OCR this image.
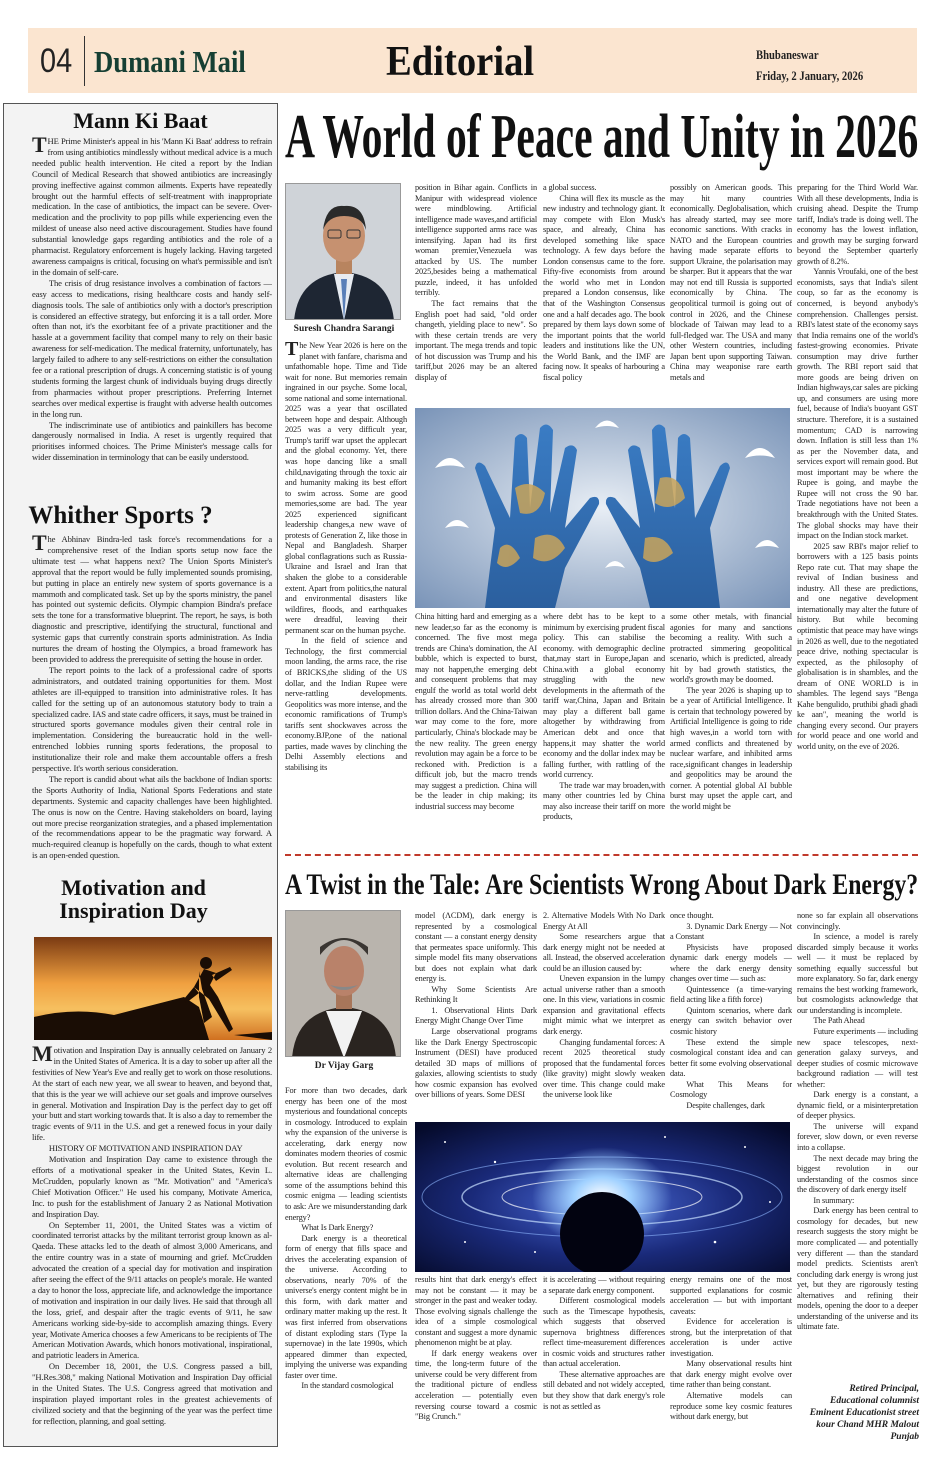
04 Dumani Mail	Editorial	Bhubaneswar
Friday, 2 January, 2026
Mann Ki Baat
THE Prime Minister's appeal in his 'Mann Ki Baat' address to refrain from using antibiotics mindlessly without medical advice is a much needed public health intervention. He cited a report by the Indian Council of Medical Research that showed antibiotics are increasingly proving ineffective against common ailments. Experts have repeatedly brought out the harmful effects of self-treatment with inappropriate medication. In the case of antibiotics, the impact can be severe. Over-medication and the proclivity to pop pills while experiencing even the mildest of unease also need active discouragement. Studies have found substantial knowledge gaps regarding antibiotics and the role of a pharmacist. Regulatory enforcement is hugely lacking. Having targeted awareness campaigns is critical, focusing on what's permissible and isn't in the domain of self-care.
  The crisis of drug resistance involves a combination of factors — easy access to medications, rising healthcare costs and handy self-diagnosis tools. The sale of antibiotics only with a doctor's prescription is considered an effective strategy, but enforcing it is a tall order. More often than not, it's the exorbitant fee of a private practitioner and the hassle at a government facility that compel many to rely on their basic awareness for self-medication. The medical fraternity, unfortunately, has largely failed to adhere to any self-restrictions on either the consultation fee or a rational prescription of drugs. A concerning statistic is of young students forming the largest chunk of individuals buying drugs directly from pharmacies without proper prescriptions. Preferring Internet searches over medical expertise is fraught with adverse health outcomes in the long run.
  The indiscriminate use of antibiotics and painkillers has become dangerously normalised in India. A reset is urgently required that prioritises informed choices. The Prime Minister's message calls for wider dissemination in terminology that can be easily understood.
Whither Sports ?
The Abhinav Bindra-led task force's recommendations for a comprehensive reset of the Indian sports setup now face the ultimate test — what happens next? The Union Sports Minister's approval that the report would be fully implemented sounds promising, but putting in place an entirely new system of sports governance is a mammoth and complicated task. Set up by the sports ministry, the panel has pointed out systemic deficits. Olympic champion Bindra's preface sets the tone for a transformative blueprint. The report, he says, is both diagnostic and prescriptive, identifying the structural, functional and systemic gaps that currently constrain sports administration. As India nurtures the dream of hosting the Olympics, a broad framework has been provided to address the prerequisite of setting the house in order.
  The report points to the lack of a professional cadre of sports administrators, and outdated training opportunities for them. Most athletes are ill-equipped to transition into administrative roles. It has called for the setting up of an autonomous statutory body to train a specialized cadre. IAS and state cadre officers, it says, must be trained in structured sports governance modules given their central role in implementation. Considering the bureaucratic hold in the well-entrenched lobbies running sports federations, the proposal to institutionalize their role and make them accountable offers a fresh perspective. It's worth serious consideration.
  The report is candid about what ails the backbone of Indian sports: the Sports Authority of India, National Sports Federations and state departments. Systemic and capacity challenges have been highlighted. The onus is now on the Centre. Having stakeholders on board, laying out more precise reorganization strategies, and a phased implementation of the recommendations appear to be the pragmatic way forward. A much-required cleanup is hopefully on the cards, though to what extent is an open-ended question.
Motivation and Inspiration Day
Motivation and Inspiration Day is annually celebrated on January 2 in the United States of America. It is a day to sober up after all the festivities of New Year's Eve and really get to work on those resolutions. At the start of each new year, we all swear to heaven, and beyond that, that this is the year we will achieve our set goals and improve ourselves in general. Motivation and Inspiration Day is the perfect day to get off your butt and start working towards that. It is also a day to remember the tragic events of 9/11 in the U.S. and get a renewed focus in your daily life.
  HISTORY OF MOTIVATION AND INSPIRATION DAY
  Motivation and Inspiration Day came to existence through the efforts of a motivational speaker in the United States, Kevin L. McCrudden, popularly known as "Mr. Motivation" and "America's Chief Motivation Officer." He used his company, Motivate America, Inc. to push for the establishment of January 2 as National Motivation and Inspiration Day.
  On September 11, 2001, the United States was a victim of coordinated terrorist attacks by the militant terrorist group known as al-Qaeda. These attacks led to the death of almost 3,000 Americans, and the entire country was in a state of mourning and grief. McCrudden advocated the creation of a special day for motivation and inspiration after seeing the effect of the 9/11 attacks on people's morale. He wanted a day to honor the loss, appreciate life, and acknowledge the importance of motivation and inspiration in our daily lives. He said that through all the loss, grief, and despair after the tragic events of 9/11, he saw Americans working side-by-side to accomplish amazing things. Every year, Motivate America chooses a few Americans to be recipients of The American Motivation Awards, which honors motivational, inspirational, and patriotic leaders in America.
  On December 18, 2001, the U.S. Congress passed a bill, "H.Res.308," making National Motivation and Inspiration Day official in the United States. The U.S. Congress agreed that motivation and inspiration played important roles in the greatest achievements of civilized society and that the beginning of the year was the perfect time for reflection, planning, and goal setting.
A World of Peace and Unity in 2026
Suresh Chandra Sarangi
The New Year 2026 is here on the planet with fanfare, charisma and unfathomable hope. Time and Tide wait for none. But memories remain ingrained in our psyche. Some local, some national and some international. 2025 was a year that oscillated between hope and despair. Although 2025 was a very difficult year, Trump's tariff war upset the applecart and the global economy. Yet, there was hope dancing like a small child,navigating through the toxic air and humanity making its best effort to swim across. Some are good memories,some are bad. The year 2025 experienced significant leadership changes,a new wave of protests of Generation Z, like those in Nepal and Bangladesh. Sharper global conflagrations such as Russia-Ukraine and Israel and Iran that shaken the globe to a considerable extent. Apart from politics,the natural and environmental disasters like wildfires, floods, and earthquakes were dreadful, leaving their permanent scar on the human psyche.
  In the field of science and Technology, the first commercial moon landing, the arms race, the rise of BRICKS,the sliding of the US dollar, and the Indian Rupee were nerve-rattling developments. Geopolitics was more intense, and the economic ramifications of Trump's tariffs sent shockwaves across the economy.BJP,one of the national parties, made waves by clinching the Delhi Assembly elections and stabilising its
position in Bihar again. Conflicts in Manipur with widespread violence were mindblowing. Artificial intelligence made waves,and artificial intelligence supported arms race was intensifying. Japan had its first woman premier,Venezuela was attacked by US. The number 2025,besides being a mathematical puzzle, indeed, it has unfolded terribly.
  The fact remains that the English poet had said, "old order changeth, yielding place to new". So with these certain trends are very important. The mega trends and topic of hot discussion was Trump and his tariff,but 2026 may be an altered display of
a global success.
  China will flex its muscle as the new industry and technology giant. It may compete with Elon Musk's space, and already, China has developed something like space technology. A few days before the London consensus came to the fore. Fifty-five economists from around the world who met in London prepared a London consensus, like that of the Washington Consensus one and a half decades ago. The book prepared by them lays down some of the important points that the world leaders and institutions like the UN, the World Bank, and the IMF are facing now. It speaks of harbouring a fiscal policy
possibly on American goods. This may hit many countries economically. Deglobalisation, which has already started, may see more economic sanctions. With cracks in NATO and the European countries having made separate efforts to support Ukraine, the polarisation may be sharper. But it appears that the war may not end till Russia is supported economically by China. The geopolitical turmoil is going out of control in 2026, and the Chinese blockade of Taiwan may lead to a full-fledged war. The USA and many other Western countries, including Japan bent upon supporting Taiwan. China may weaponise rare earth metals and
China hitting hard and emerging as a new leader,so far as the economy is concerned. The five most mega trends are China's domination, the AI bubble, which is expected to burst, may not happen,the emerging debt and consequent problems that may engulf the world as total world debt has already crossed more than 300 trillion dollars. And the China-Taiwan war may come to the fore, more particularly, China's blockade may be the new reality. The green energy revolution may again be a force to be reckoned with. Prediction is a difficult job, but the macro trends may suggest a prediction. China will be the leader in chip making; its industrial success may become
where debt has to be kept to a minimum by exercising prudent fiscal policy. This can stabilise the economy. with demographic decline that,may start in Europe,Japan and China.with a global economy struggling with the new developments in the aftermath of the tariff war,China, Japan and Britain may play a different ball game altogether by withdrawing from American debt and once that happens,it may shatter the world economy and the dollar index may be falling further, with rattling of the world currency.
  The trade war may broaden,with many other countries led by China may also increase their tariff on more products,
some other metals, with financial agonies for many and sanctions becoming a reality. With such a protracted simmering geopolitical scenario, which is predicted, already hit by bad growth statistics, the world's growth may be doomed.
  The year 2026 is shaping up to be a year of Artificial Intelligence. It is certain that technology powered by Artificial Intelligence is going to ride high waves,in a world torn with armed conflicts and threatened by nuclear warfare, and inhibited arms race,significant changes in leadership and geopolitics may be around the corner. A potential global AI bubble burst may upset the apple cart, and the world might be
preparing for the Third World War. With all these developments, India is cruising ahead. Despite the Trump tariff, India's trade is doing well. The economy has the lowest inflation, and growth may be surging forward beyond the September quarterly growth of 8.2%.
  Yannis Vroufaki, one of the best economists, says that India's silent coup, so far as the economy is concerned, is beyond anybody's comprehension. Challenges persist. RBI's latest state of the economy says that India remains one of the world's fastest-growing economies. Private consumption may drive further growth. The RBI report said that more goods are being driven on Indian highways,car sales are picking up, and consumers are using more fuel, because of India's buoyant GST structure. Therefore, it is a sustained momentum; CAD is narrowing down. Inflation is still less than 1% as per the November data, and services export will remain good. But most important may be where the Rupee is going, and maybe the Rupee will not cross the 90 bar. Trade negotiations have not been a breakthrough with the United States. The global shocks may have their impact on the Indian stock market.
  2025 saw RBI's major relief to borrowers with a 125 basis points Repo rate cut. That may shape the revival of Indian business and industry. All these are predictions, and one negative development internationally may alter the future of history. But while becoming optimistic that peace may have wings in 2026 as well, due to the negotiated peace drive, nothing spectacular is expected, as the philosophy of globalisation is in shambles, and the dream of ONE WORLD is in shambles. The legend says "Benga Kahe bengulido, pruthibi ghadi ghadi ke aan", meaning the world is changing every second. Our prayers for world peace and one world and world unity, on the eve of 2026.
A Twist in the Tale: Are Scientists Wrong About Dark Energy?
Dr Vijay Garg
For more than two decades, dark energy has been one of the most mysterious and foundational concepts in cosmology. Introduced to explain why the expansion of the universe is accelerating, dark energy now dominates modern theories of cosmic evolution. But recent research and alternative ideas are challenging some of the assumptions behind this cosmic enigma — leading scientists to ask: Are we misunderstanding dark energy?
  What Is Dark Energy?
  Dark energy is a theoretical form of energy that fills space and drives the accelerating expansion of the universe. According to observations, nearly 70% of the universe's energy content might be in this form, with dark matter and ordinary matter making up the rest. It was first inferred from observations of distant exploding stars (Type Ia supernovae) in the late 1990s, which appeared dimmer than expected, implying the universe was expanding faster over time.
  In the standard cosmological
model (ΛCDM), dark energy is represented by a cosmological constant — a constant energy density that permeates space uniformly. This simple model fits many observations but does not explain what dark energy is.
  Why Some Scientists Are Rethinking It
  1. Observational Hints Dark Energy Might Change Over Time
  Large observational programs like the Dark Energy Spectroscopic Instrument (DESI) have produced detailed 3D maps of millions of galaxies, allowing scientists to study how cosmic expansion has evolved over billions of years. Some DESI
2. Alternative Models With No Dark Energy At All
  Some researchers argue that dark energy might not be needed at all. Instead, the observed acceleration could be an illusion caused by:
  Uneven expansion in the lumpy actual universe rather than a smooth one. In this view, variations in cosmic expansion and gravitational effects might mimic what we interpret as dark energy.
  Changing fundamental forces: A recent 2025 theoretical study proposed that the fundamental forces (like gravity) might slowly weaken over time. This change could make the universe look like
once thought.
  3. Dynamic Dark Energy — Not a Constant
  Physicists have proposed dynamic dark energy models — where the dark energy density changes over time — such as:
  Quintessence (a time-varying field acting like a fifth force)
  Quintom scenarios, where dark energy can switch behavior over cosmic history
  These extend the simple cosmological constant idea and can better fit some evolving observational data.
  What This Means for Cosmology
  Despite challenges, dark
results hint that dark energy's effect may not be constant — it may be stronger in the past and weaker today. Those evolving signals challenge the idea of a simple cosmological constant and suggest a more dynamic phenomenon might be at play.
  If dark energy weakens over time, the long-term future of the universe could be very different from the traditional picture of endless acceleration — potentially even reversing course toward a cosmic "Big Crunch."
it is accelerating — without requiring a separate dark energy component.
  Different cosmological models such as the Timescape hypothesis, which suggests that observed supernova brightness differences reflect time-measurement differences in cosmic voids and structures rather than actual acceleration.
  These alternative approaches are still debated and not widely accepted, but they show that dark energy's role is not as settled as
energy remains one of the most supported explanations for cosmic acceleration — but with important caveats:
  Evidence for acceleration is strong, but the interpretation of that acceleration is under active investigation.
  Many observational results hint that dark energy might evolve over time rather than being constant.
  Alternative models can reproduce some key cosmic features without dark energy, but
none so far explain all observations convincingly.
  In science, a model is rarely discarded simply because it works well — it must be replaced by something equally successful but more explanatory. So far, dark energy remains the best working framework, but cosmologists acknowledge that our understanding is incomplete.
  The Path Ahead
  Future experiments — including new space telescopes, next-generation galaxy surveys, and deeper studies of cosmic microwave background radiation — will test whether:
  Dark energy is a constant, a dynamic field, or a misinterpretation of deeper physics.
  The universe will expand forever, slow down, or even reverse into a collapse.
  The next decade may bring the biggest revolution in our understanding of the cosmos since the discovery of dark energy itself
  In summary:
  Dark energy has been central to cosmology for decades, but new research suggests the story might be more complicated — and potentially very different — than the standard model predicts. Scientists aren't concluding dark energy is wrong just yet, but they are rigorously testing alternatives and refining their models, opening the door to a deeper understanding of the universe and its ultimate fate.
Retired Principal,
Educational columnist
Eminent Educationist street
kour Chand MHR Malout
Punjab
